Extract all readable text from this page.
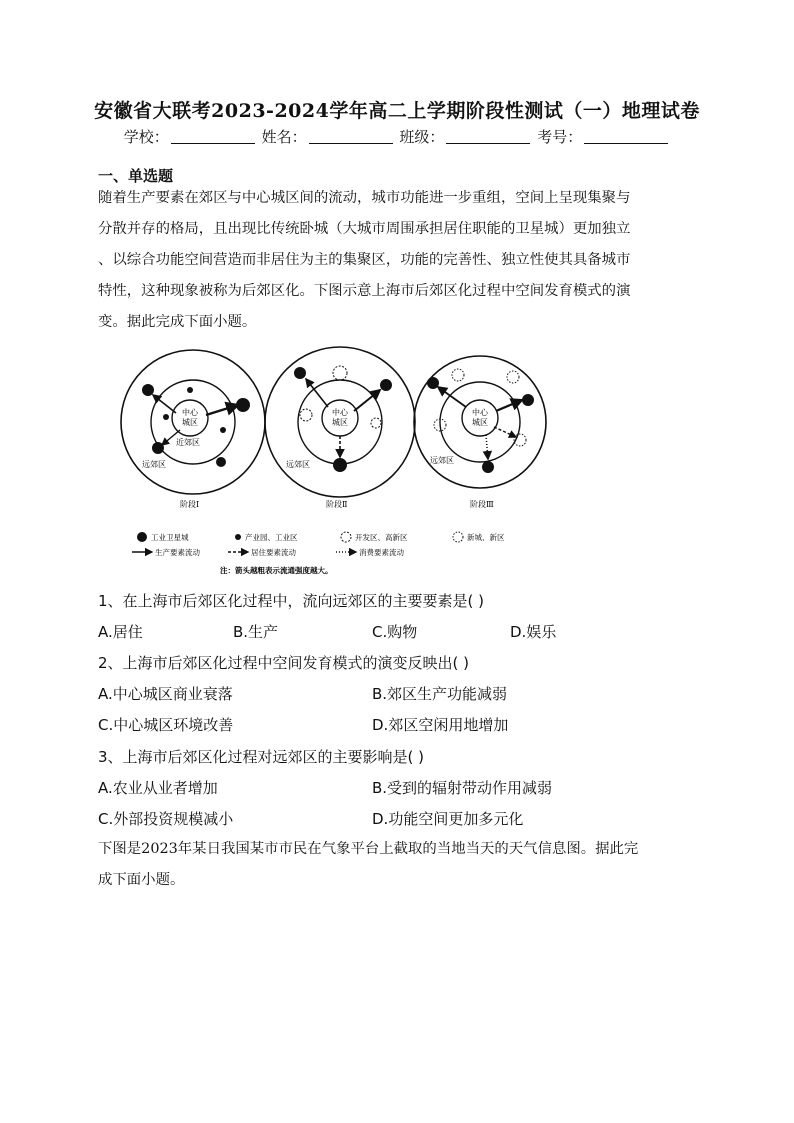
安徽省大联考2023-2024学年高二上学期阶段性测试（一）地理试卷
学校：	姓名：	班级：	考号：
一、单选题
随着生产要素在郊区与中心城区间的流动，城市功能进一步重组，空间上呈现集聚与
分散并存的格局，且出现比传统卧城（大城市周围承担居住职能的卫星城）更加独立
、以综合功能空间营造而非居住为主的集聚区，功能的完善性、独立性使其具备城市
特性，这种现象被称为后郊区化。下图示意上海市后郊区化过程中空间发育模式的演
变。据此完成下面小题。
中心
城区
近郊区
远郊区
中心
城区
远郊区
中心
城区
远郊区
阶段Ⅰ	阶段Ⅱ	阶段Ⅲ
工业卫星城	产业园、工业区	开发区、高新区	新城、新区
生产要素流动	居住要素流动	消费要素流动
注：箭头越粗表示流通强度越大。
1、在上海市后郊区化过程中，流向远郊区的主要要素是( )
A.居住	B.生产	C.购物	D.娱乐
2、上海市后郊区化过程中空间发育模式的演变反映出( )
A.中心城区商业衰落	B.郊区生产功能减弱
C.中心城区环境改善	D.郊区空闲用地增加
3、上海市后郊区化过程对远郊区的主要影响是( )
A.农业从业者增加	B.受到的辐射带动作用减弱
C.外部投资规模减小	D.功能空间更加多元化
下图是2023年某日我国某市市民在气象平台上截取的当地当天的天气信息图。据此完
成下面小题。
